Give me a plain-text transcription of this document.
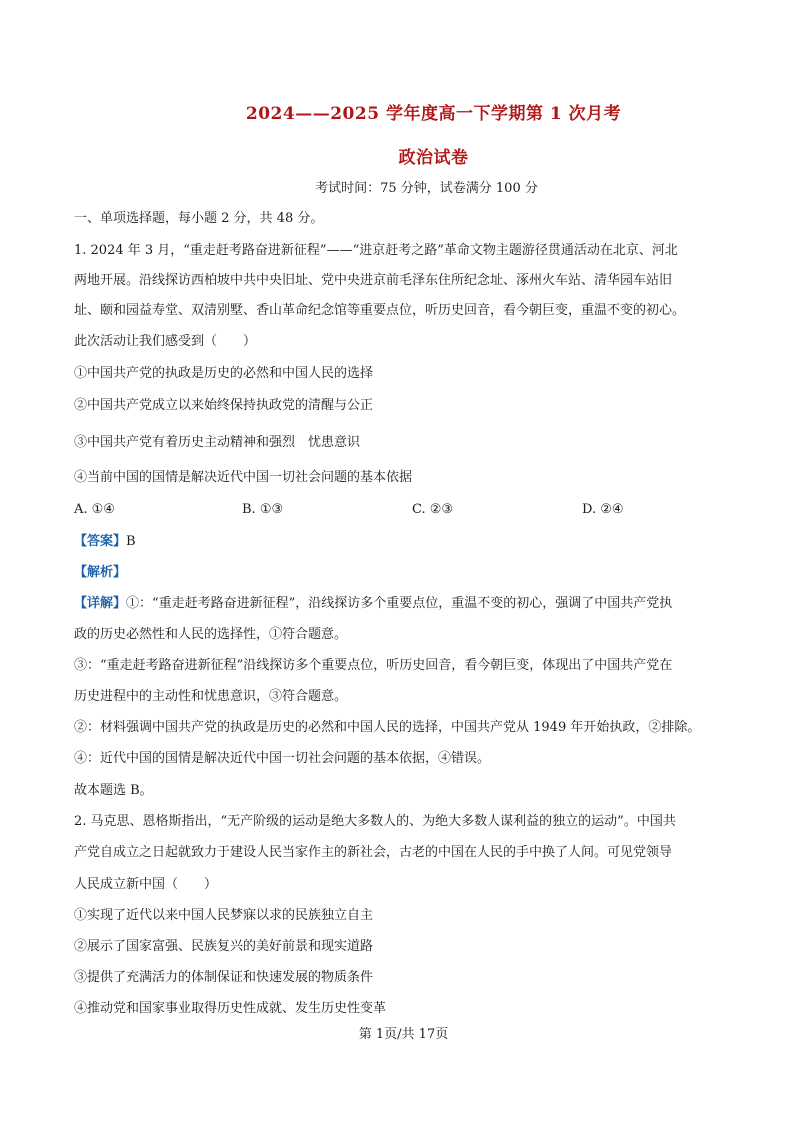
2024——2025 学年度高一下学期第 1 次月考
政治试卷
考试时间：75 分钟，试卷满分 100 分
一、单项选择题，每小题 2 分，共 48 分。
1. 2024 年 3 月，“重走赶考路奋进新征程”——“进京赶考之路”革命文物主题游径贯通活动在北京、河北
两地开展。沿线探访西柏坡中共中央旧址、党中央进京前毛泽东住所纪念址、涿州火车站、清华园车站旧
址、颐和园益寿堂、双清别墅、香山革命纪念馆等重要点位，听历史回音，看今朝巨变，重温不变的初心。
此次活动让我们感受到（　　）
①中国共产党的执政是历史的必然和中国人民的选择
②中国共产党成立以来始终保持执政党的清醒与公正
③中国共产党有着历史主动精神和强烈　忧患意识
④当前中国的国情是解决近代中国一切社会问题的基本依据
A. ①④	B. ①③	C. ②③	D. ②④
【答案】B
【解析】
【详解】①：“重走赶考路奋进新征程”，沿线探访多个重要点位，重温不变的初心，强调了中国共产党执
政的历史必然性和人民的选择性，①符合题意。
③：“重走赶考路奋进新征程”沿线探访多个重要点位，听历史回音，看今朝巨变，体现出了中国共产党在
历史进程中的主动性和忧患意识，③符合题意。
②：材料强调中国共产党的执政是历史的必然和中国人民的选择，中国共产党从 1949 年开始执政，②排除。
④：近代中国的国情是解决近代中国一切社会问题的基本依据，④错误。
故本题选 B。
2. 马克思、恩格斯指出，“无产阶级的运动是绝大多数人的、为绝大多数人谋利益的独立的运动”。中国共
产党自成立之日起就致力于建设人民当家作主的新社会，古老的中国在人民的手中换了人间。可见党领导
人民成立新中国（　　）
①实现了近代以来中国人民梦寐以求的民族独立自主
②展示了国家富强、民族复兴的美好前景和现实道路
③提供了充满活力的体制保证和快速发展的物质条件
④推动党和国家事业取得历史性成就、发生历史性变革
第 1页/共 17页
